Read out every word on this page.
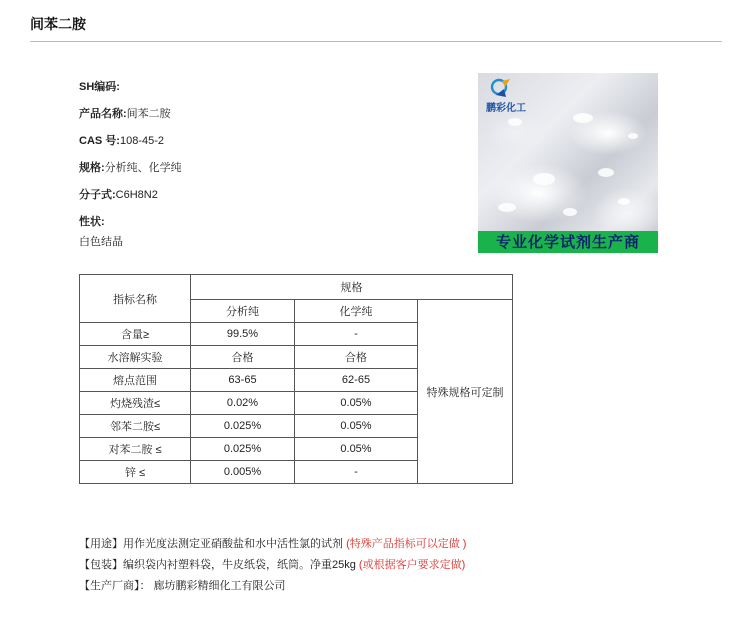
间苯二胺
SH编码:
产品名称:间苯二胺
CAS 号:108-45-2
规格:分析纯、化学纯
分子式:C6H8N2
性状:
白色结晶
鹏彩化工
专业化学试剂生产商
指标名称	规格		
	分析纯	化学纯	特殊规格可定制
含量≥	99.5%	-	
水溶解实验	合格	合格	
熔点范围	63-65	62-65	
灼烧残渣≤	0.02%	0.05%	
邻苯二胺≤	0.025%	0.05%	
对苯二胺 ≤	0.025%	0.05%	
锌 ≤	0.005%	-	
【用途】用作光度法测定亚硝酸盐和水中活性氯的试剂 (特殊产品指标可以定做 )
【包装】编织袋内衬塑料袋，牛皮纸袋，纸筒。净重25kg (或根据客户要求定做)
【生产厂商】： 廊坊鹏彩精细化工有限公司
